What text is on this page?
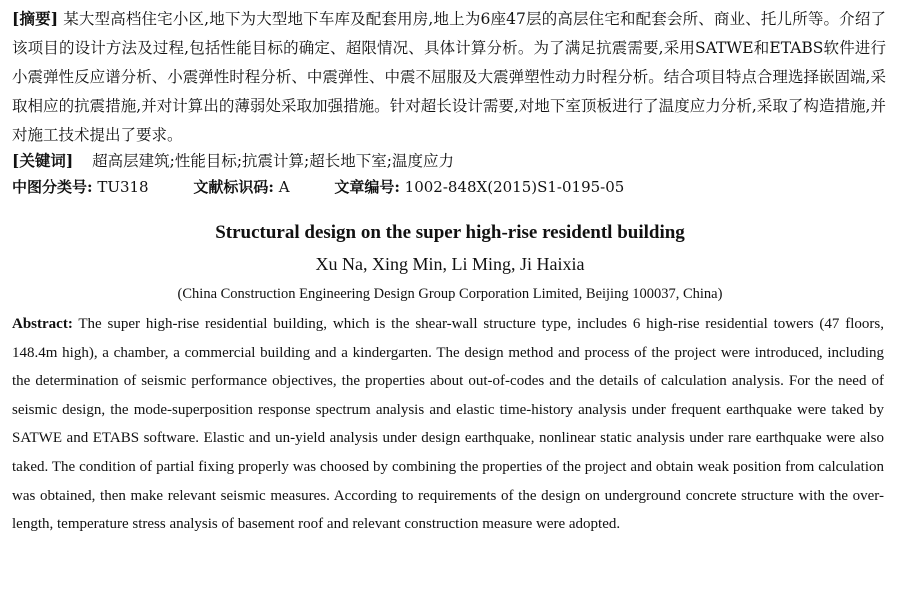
[摘要] 某大型高档住宅小区,地下为大型地下车库及配套用房,地上为6座47层的高层住宅和配套会所、商业、托儿所等。介绍了该项目的设计方法及过程,包括性能目标的确定、超限情况、具体计算分析。为了满足抗震需要,采用SATWE和ETABS软件进行小震弹性反应谱分析、小震弹性时程分析、中震弹性、中震不屈服及大震弹塑性动力时程分析。结合项目特点合理选择嵌固端,采取相应的抗震措施,并对计算出的薄弱处采取加强措施。针对超长设计需要,对地下室顶板进行了温度应力分析,采取了构造措施,并对施工技术提出了要求。

[关键词] 超高层建筑;性能目标;抗震计算;超长地下室;温度应力

中图分类号: TU318	文献标识码: A	文章编号: 1002-848X(2015)S1-0195-05
Structural design on the super high-rise residentl building
Xu Na, Xing Min, Li Ming, Ji Haixia
(China Construction Engineering Design Group Corporation Limited, Beijing 100037, China)

Abstract: The super high-rise residential building, which is the shear-wall structure type, includes 6 high-rise residential towers (47 floors, 148.4m high), a chamber, a commercial building and a kindergarten. The design method and process of the project were introduced, including the determination of seismic performance objectives, the properties about out-of-codes and the details of calculation analysis. For the need of seismic design, the mode-superposition response spectrum analysis and elastic time-history analysis under frequent earthquake were taked by SATWE and ETABS software. Elastic and un-yield analysis under design earthquake, nonlinear static analysis under rare earthquake were also taked. The condition of partial fixing properly was choosed by combining the properties of the project and obtain weak position from calculation was obtained, then make relevant seismic measures. According to requirements of the design on underground concrete structure with the over-length, temperature stress analysis of basement roof and relevant construction measure were adopted.
